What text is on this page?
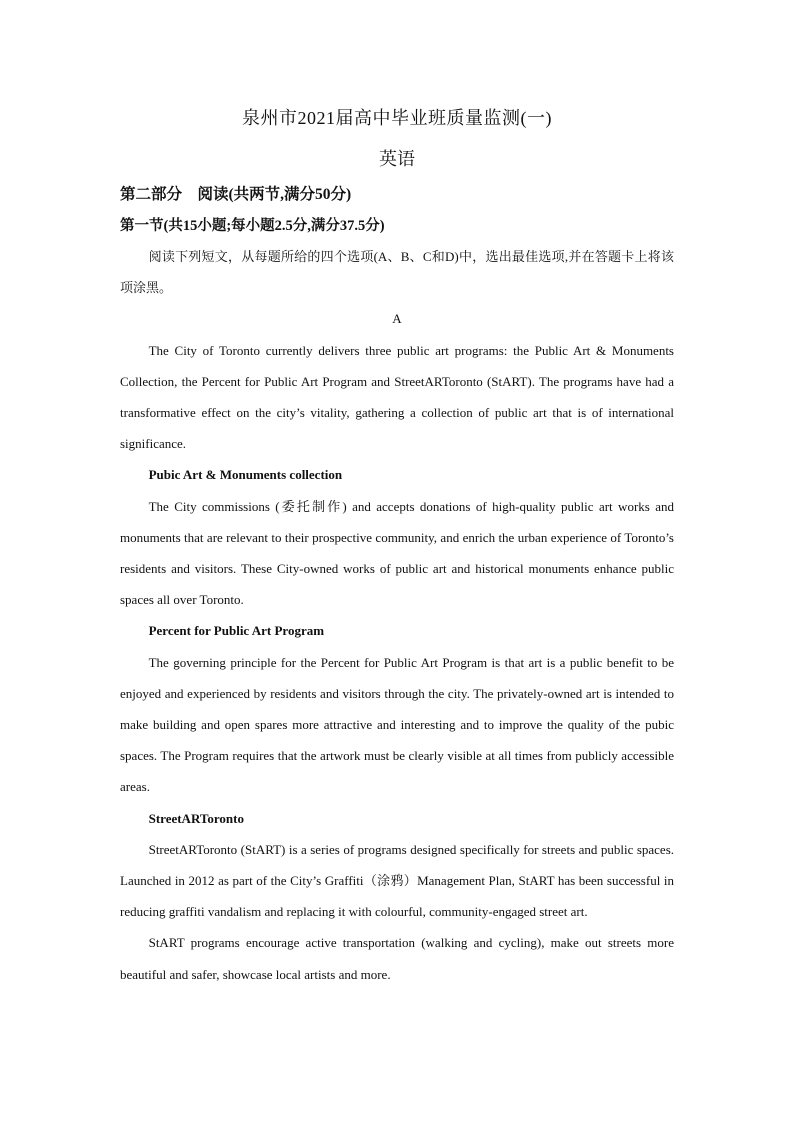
泉州市2021届高中毕业班质量监测(一)
英语
第二部分　阅读(共两节,满分50分)
第一节(共15小题;每小题2.5分,满分37.5分)

阅读下列短文，从每题所给的四个选项(A、B、C和D)中，选出最佳选项,并在答题卡上将该项涂黑。

A

The City of Toronto currently delivers three public art programs: the Public Art & Monuments Collection, the Percent for Public Art Program and StreetARToronto (StART). The programs have had a transformative effect on the city’s vitality, gathering a collection of public art that is of international significance.

Pubic Art & Monuments collection

The City commissions (委托制作) and accepts donations of high-quality public art works and monuments that are relevant to their prospective community, and enrich the urban experience of Toronto’s residents and visitors. These City-owned works of public art and historical monuments enhance public spaces all over Toronto.

Percent for Public Art Program

The governing principle for the Percent for Public Art Program is that art is a public benefit to be enjoyed and experienced by residents and visitors through the city. The privately-owned art is intended to make building and open spares more attractive and interesting and to improve the quality of the pubic spaces. The Program requires that the artwork must be clearly visible at all times from publicly accessible areas.

StreetARToronto

StreetARToronto (StART) is a series of programs designed specifically for streets and public spaces. Launched in 2012 as part of the City’s Graffiti（涂鸦）Management Plan, StART has been successful in reducing graffiti vandalism and replacing it with colourful, community-engaged street art.

StART programs encourage active transportation (walking and cycling), make out streets more beautiful and safer, showcase local artists and more.
